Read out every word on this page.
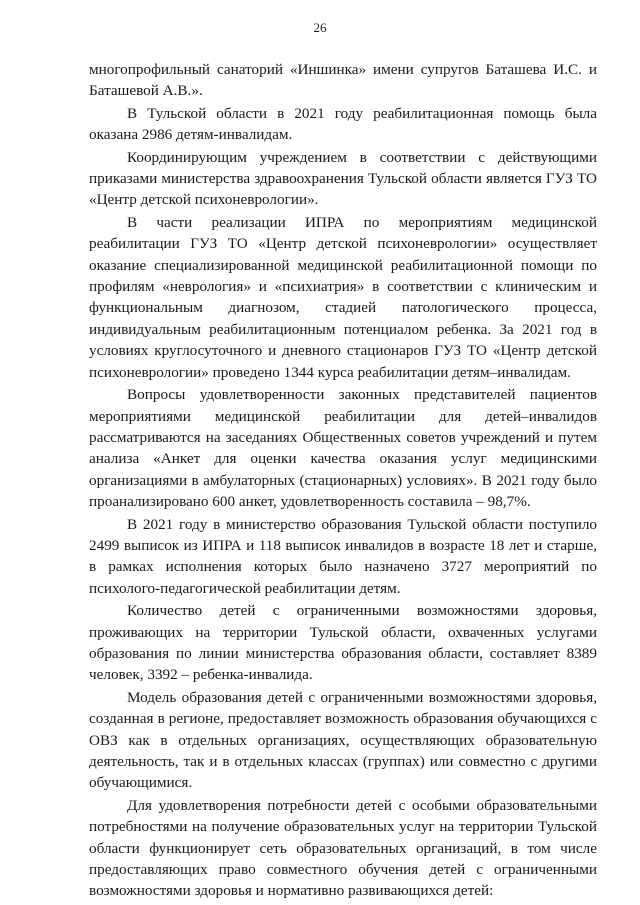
26

многопрофильный санаторий «Иншинка» имени супругов Баташева И.С. и Баташевой А.В.».

В Тульской области в 2021 году реабилитационная помощь была оказана 2986 детям-инвалидам.

Координирующим учреждением в соответствии с действующими приказами министерства здравоохранения Тульской области является ГУЗ ТО «Центр детской психоневрологии».

В части реализации ИПРА по мероприятиям медицинской реабилитации ГУЗ ТО «Центр детской психоневрологии» осуществляет оказание специализированной медицинской реабилитационной помощи по профилям «неврология» и «психиатрия» в соответствии с клиническим и функциональным диагнозом, стадией патологического процесса, индивидуальным реабилитационным потенциалом ребенка. За 2021 год в условиях круглосуточного и дневного стационаров ГУЗ ТО «Центр детской психоневрологии» проведено 1344 курса реабилитации детям–инвалидам.

Вопросы удовлетворенности законных представителей пациентов мероприятиями медицинской реабилитации для детей–инвалидов рассматриваются на заседаниях Общественных советов учреждений и путем анализа «Анкет для оценки качества оказания услуг медицинскими организациями в амбулаторных (стационарных) условиях». В 2021 году было проанализировано 600 анкет, удовлетворенность составила – 98,7%.

В 2021 году в министерство образования Тульской области поступило 2499 выписок из ИПРА и 118 выписок инвалидов в возрасте 18 лет и старше, в рамках исполнения которых было назначено 3727 мероприятий по психолого-педагогической реабилитации детям.

Количество детей с ограниченными возможностями здоровья, проживающих на территории Тульской области, охваченных услугами образования по линии министерства образования области, составляет 8389 человек, 3392 – ребенка-инвалида.

Модель образования детей с ограниченными возможностями здоровья, созданная в регионе, предоставляет возможность образования обучающихся с ОВЗ как в отдельных организациях, осуществляющих образовательную деятельность, так и в отдельных классах (группах) или совместно с другими обучающимися.

Для удовлетворения потребности детей с особыми образовательными потребностями на получение образовательных услуг на территории Тульской области функционирует сеть образовательных организаций, в том числе предоставляющих право совместного обучения детей с ограниченными возможностями здоровья и нормативно развивающихся детей:
